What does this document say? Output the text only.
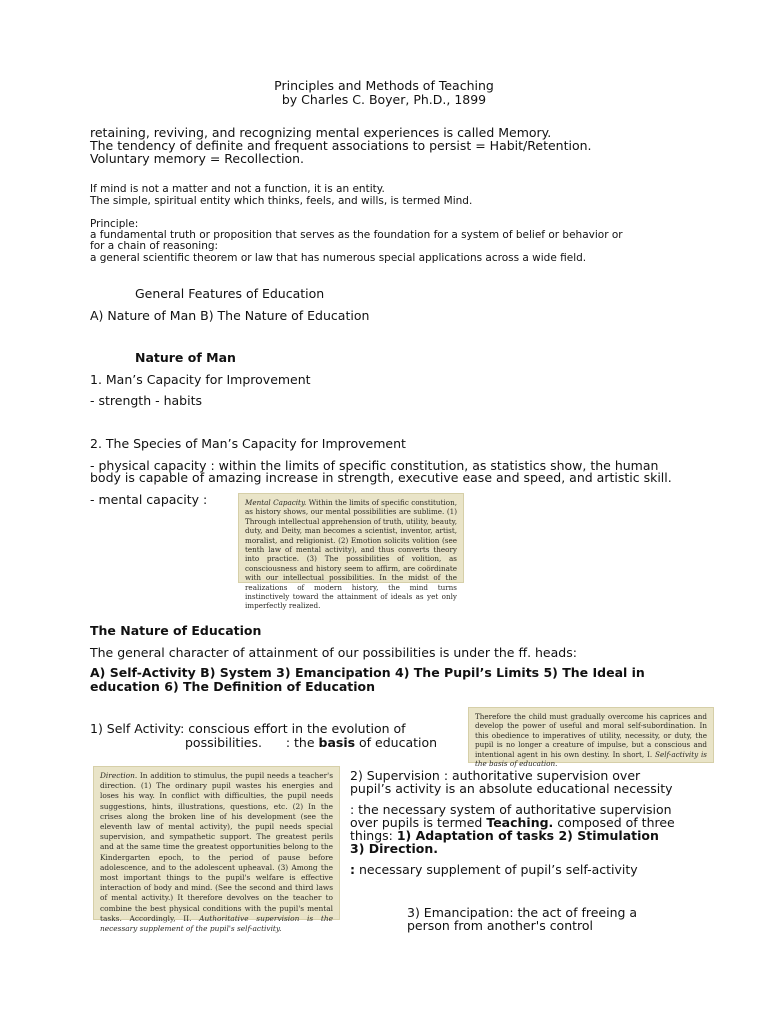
Principles and Methods of Teaching
by Charles C. Boyer, Ph.D., 1899
retaining, reviving, and recognizing mental experiences is called Memory.
The tendency of definite and frequent associations to persist = Habit/Retention.
Voluntary memory = Recollection.
If mind is not a matter and not a function, it is an entity.
The simple, spiritual entity which thinks, feels, and wills, is termed Mind.
Principle:
a fundamental truth or proposition that serves as the foundation for a system of belief or behavior or
for a chain of reasoning:
a general scientific theorem or law that has numerous special applications across a wide field.
General Features of Education
A) Nature of Man B) The Nature of Education
Nature of Man
1. Man’s Capacity for Improvement
- strength - habits
2. The Species of Man’s Capacity for Improvement
- physical capacity : within the limits of specific constitution, as statistics show, the human
body is capable of amazing increase in strength, executive ease and speed, and artistic skill.
- mental capacity :	Mental Capacity. Within the limits of specific constitution, as history shows, our mental possibilities are sublime. (1) Through intellectual apprehension of truth, utility, beauty, duty, and Deity, man becomes a scientist, inventor, artist, moralist, and religionist. (2) Emotion solicits volition (see tenth law of mental activity), and thus converts theory into practice. (3) The possibilities of volition, as consciousness and history seem to affirm, are coördinate with our intellectual possibilities. In the midst of the realizations of modern history, the mind turns instinctively toward the attainment of ideals as yet only imperfectly realized.

The Nature of Education
The general character of attainment of our possibilities is under the ff. heads:
A) Self-Activity B) System 3) Emancipation 4) The Pupil’s Limits 5) The Ideal in
education 6) The Definition of Education
1) Self Activity: conscious effort in the evolution of
possibilities.      : the basis of education

Therefore the child must gradually overcome his caprices and develop the power of useful and moral self-subordination. In this obedience to imperatives of utility, necessity, or duty, the pupil is no longer a creature of impulse, but a conscious and intentional agent in his own destiny. In short, I. Self-activity is the basis of education.

Direction. In addition to stimulus, the pupil needs a teacher's direction. (1) The ordinary pupil wastes his energies and loses his way. In conflict with difficulties, the pupil needs suggestions, hints, illustrations, questions, etc. (2) In the crises along the broken line of his development (see the eleventh law of mental activity), the pupil needs special supervision, and sympathetic support. The greatest perils and at the same time the greatest opportunities belong to the Kindergarten epoch, to the period of pause before adolescence, and to the adolescent upheaval. (3) Among the most important things to the pupil's welfare is effective interaction of body and mind. (See the second and third laws of mental activity.) It therefore devolves on the teacher to combine the best physical conditions with the pupil's mental tasks. Accordingly, II. Authoritative supervision is the necessary supplement of the pupil's self-activity.

2) Supervision : authoritative supervision over
pupil’s activity is an absolute educational necessity
: the necessary system of authoritative supervision
over pupils is termed Teaching. composed of three
things: 1) Adaptation of tasks 2) Stimulation
3) Direction.
: necessary supplement of pupil’s self-activity
3) Emancipation: the act of freeing a
person from another's control
